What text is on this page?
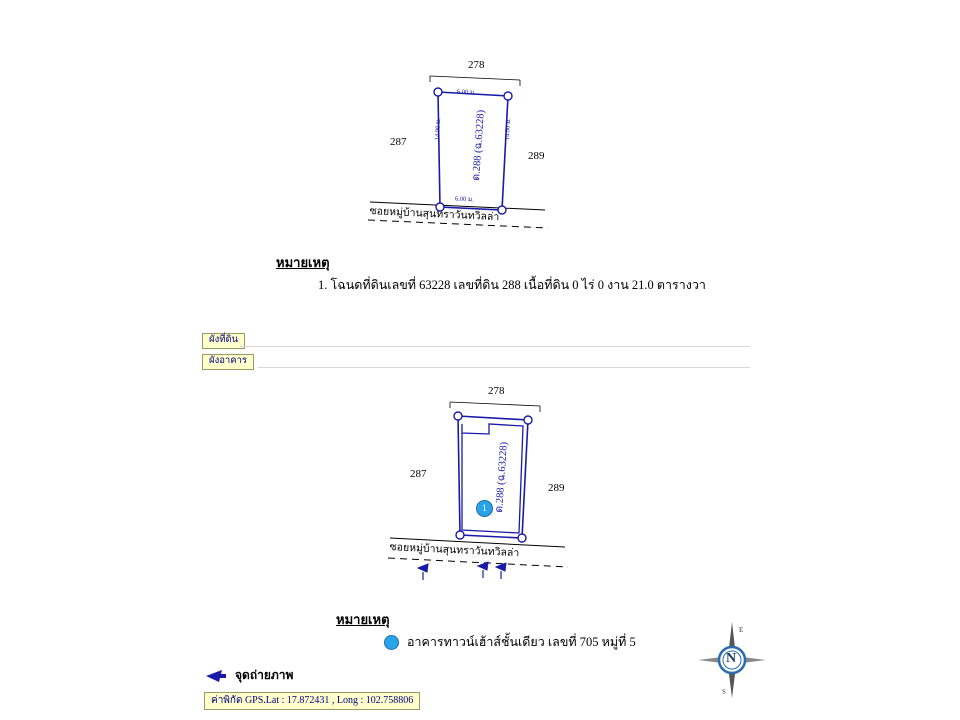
278
287
289
6.00 ม.
6.00 ม.
14.00 ม.	14.00 ม.
ด.288 (ฉ.63228)
ซอยหมู่บ้านสุนทราวันทวิลล่า
หมายเหตุ
1. โฉนดที่ดินเลขที่ 63228 เลขที่ดิน 288 เนื้อที่ดิน 0 ไร่ 0 งาน 21.0 ตารางวา
ผังที่ดิน
ผังอาคาร
1
278
287
289
ด.288 (ฉ.63228)
ซอยหมู่บ้านสุนทราวันทวิลล่า
หมายเหตุ
อาคารทาวน์เฮ้าส์ชั้นเดียว เลขที่ 705 หมู่ที่ 5
จุดถ่ายภาพ
ค่าพิกัด GPS.Lat : 17.872431 , Long : 102.758806
N
E
S
